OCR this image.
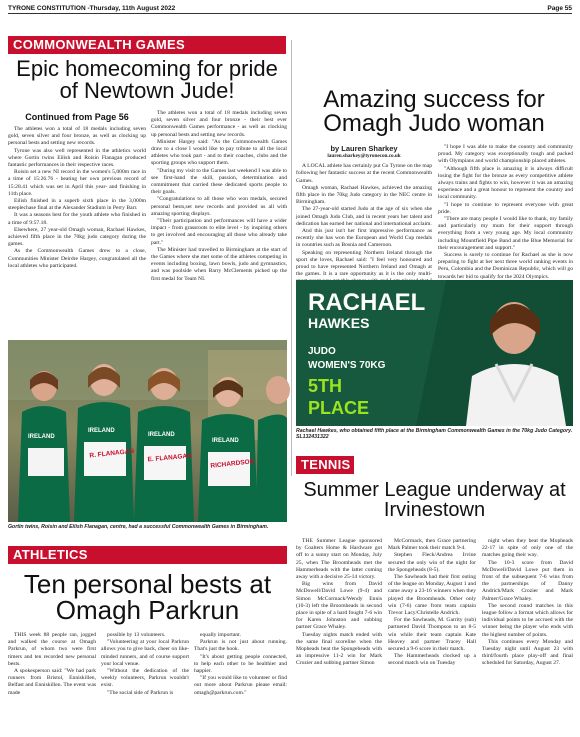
TYRONE CONSTITUTION -Thursday, 11th August 2022	Page 55
COMMONWEALTH GAMES
Epic homecoming for pride of Newtown Jude!
Continued from Page 56

The athletes won a total of 18 medals including seven gold, seven silver and four bronze, as well as clocking up personal bests and setting new records.

Tyrone was also well represented in the athletics world where Gortin twins Eilish and Roisin Flanagan produced fantastic performances in their respective races.

Roisin set a new NI record in the women's 5,000m race in a time of 15:26.76 - beating her own previous record of 15:28.41 which was set in April this year- and finishing in 11th place.

Eilish finished in a superb sixth place in the 3,000m steeplechase final at the Alexander Stadium in Perry Barr.

It was a seasons best for the youth athlete who finished in a time of 9:57.18.

Elsewhere, 27 year-old Omagh woman, Rachael Hawkes, achieved fifth place in the 70kg judo category during the games.

As the Commonwealth Games drew to a close, Communities Minister Deirdre Hargey, congratulated all the local athletes who participated.

The athletes won a total of 18 medals including seven gold, seven silver and four bronze - their best ever Commonwealth Games performance - as well as clocking up personal bests and setting new records.

Minister Hargey said: "As the Commonwealth Games draw to a close I would like to pay tribute to all the local athletes who took part - and to their coaches, clubs and the sporting groups who support them.

"During my visit to the Games last weekend I was able to see first-hand the skill, passion, determination and commitment that carried these dedicated sports people to their goals.

"Congratulations to all those who won medals, secured personal bests,set new records and provided us all with amazing sporting displays.

"Their participation and performances will have a wider impact - from grassroots to elite level - by inspiring others to get involved and encouraging all those who already take part."

The Minister had travelled to Birmingham at the start of the Games where she met some of the athletes competing in events including boxing, lawn bowls, judo and gymnastics, and was poolside when Barry McClements picked up the first medal for Team NI.

R. FLANAGAN E. FLANAGAN
RICHARDSON
IRELAND
IRELAND
IRELAND
IRELAND
Gortin twins, Roisin and Eilish Flanagan, centre, had a successful Commonwealth Games in Birmingham.
Amazing success for Omagh Judo woman
by Lauren Sharkey
lauren.sharkey@tyronecon.co.uk

A LOCAL athlete has certainly put Co Tyrone on the map following her fantastic success at the recent Commonwealth Games.

Omagh woman, Rachael Hawkes, achieved the amazing fifth place in the 70kg Judo category in the NEC centre in Birmingham.

The 27-year-old started Judo at the age of six when she joined Omagh Judo Club, and in recent years her talent and dedication has earned her national and international acclaim.

And this just isn't her first impressive performance as recently she has won the European and World Cup medals in countries such as Bosnia and Cameroon.

Speaking on representing Northern Ireland through the sport she loves, Rachael said: "I feel very honoured and proud to have represented Northern Ireland and Omagh at the games. It is a rare opportunity as it is the only multi-

"I hope I was able to make the country and community proud. My category was exceptionally tough and packed with Olympians and world championship placed athletes.

"Although fifth place is amazing it is always difficult losing the fight for the bronze as every competitive athlete always trains and fights to win, however it was an amazing experience and a great honour to represent the country and local community.

"I hope to continue to represent everyone with great pride.

"There are many people I would like to thank, my family and particularly my mum for their support through everything from a very young age. My local community including Mountfield Pipe Band and the Blue Memorial for their encouragement and support."

Success is surely to continue for Rachael as she is now preparing to fight at her next three world ranking events in Peru, Colombia and the Dominican Republic, which will go towards her bid to qualify for the 2024 Olympics.

RACHAEL
HAWKES
JUDO
WOMEN'S 70KG
5TH
PLACE
Rachael Hawkes, who obtained fifth place at the Birmingham Commonwealth Games in the 70kg Judo Category. SL132431322
TENNIS
Summer League underway at Irvinestown
ATHLETICS
Ten personal bests at Omagh Parkrun

THIS week 88 people ran, jogged and walked the course at Omagh Parkrun, of whom two were first timers and ten recorded new personal bests.

A spokesperson said: "We had park runners from Bristol, Enniskillen, Belfast and Enniskillen. The event was made

possible by 13 volunteers.

"Volunteering at your local Parkrun allows you to give back, cheer on like-minded runners, and of course support your local venue.

"Without the dedication of the weekly volunteers, Parkrun wouldn't exist.

"The social side of Parkrun is

equally important.

Parkrun is not just about running. That's just the hook.

"It's about getting people connected, to help each other to be healthier and happier.

"If you would like to volunteer or find out more about Parkrun please email: omagh@parkrun.com."

THE Summer League sponsored by Coalters Home & Hardware got off to a sunny start on Monday, July 25, when The Broomheads met the Hammerheads with the latter coming away with a decisive 25-14 victory.

Big wins from David McDowell/David Lowe (9-4) and Simon McCormack/Wendy Ennis (10-3) left the Broomheads in second place in spite of a hard fought 7-6 win for Karen Johnston and subbing partner Grace Whaley.

Tuesday nights match ended with the same final scoreline when the Mopheads beat the Spongeheads with an impressive 11-2 win for Mark Crozier and subbing partner Simon

McCormack, then Grace partnering Mark Palmer took their match 9-4.

Stephen Fleck/Andrea Irvine secured the only win of the night for the Spongeheads (8-5).

The Sawheads had their first outing of the league on Monday, August 1 and came away a 23-16 winners when they played the Broomheads. Other only win (7-6) came from team captain Trevor Lacy/Christelle Andrich.

For the Sawheads, M. Garrity (sub) partnered David Thompson to an 8-5 win while their team captain Kate Heavey and partner Tracey Hall secured a 9-6 score in their match.

The Hammerheads clocked up a second match win on Tuesday

night when they beat the Mopheads 22-17 in spite of only one of the matches going their way.

The 10-3 score from David McDowell/David Lowe put them in front of the subsequent 7-6 wins from the partnerships of Danny Andrich/Mark Crozier and Mark Palmer/Grace Whaley.

The second round matches in this league follow a format which allows for individual points to be accrued with the winner being the player who ends with the highest number of points.

This continues every Monday and Tuesday night until August 23 with third/fourth place play-off and final scheduled for Saturday, August 27.
